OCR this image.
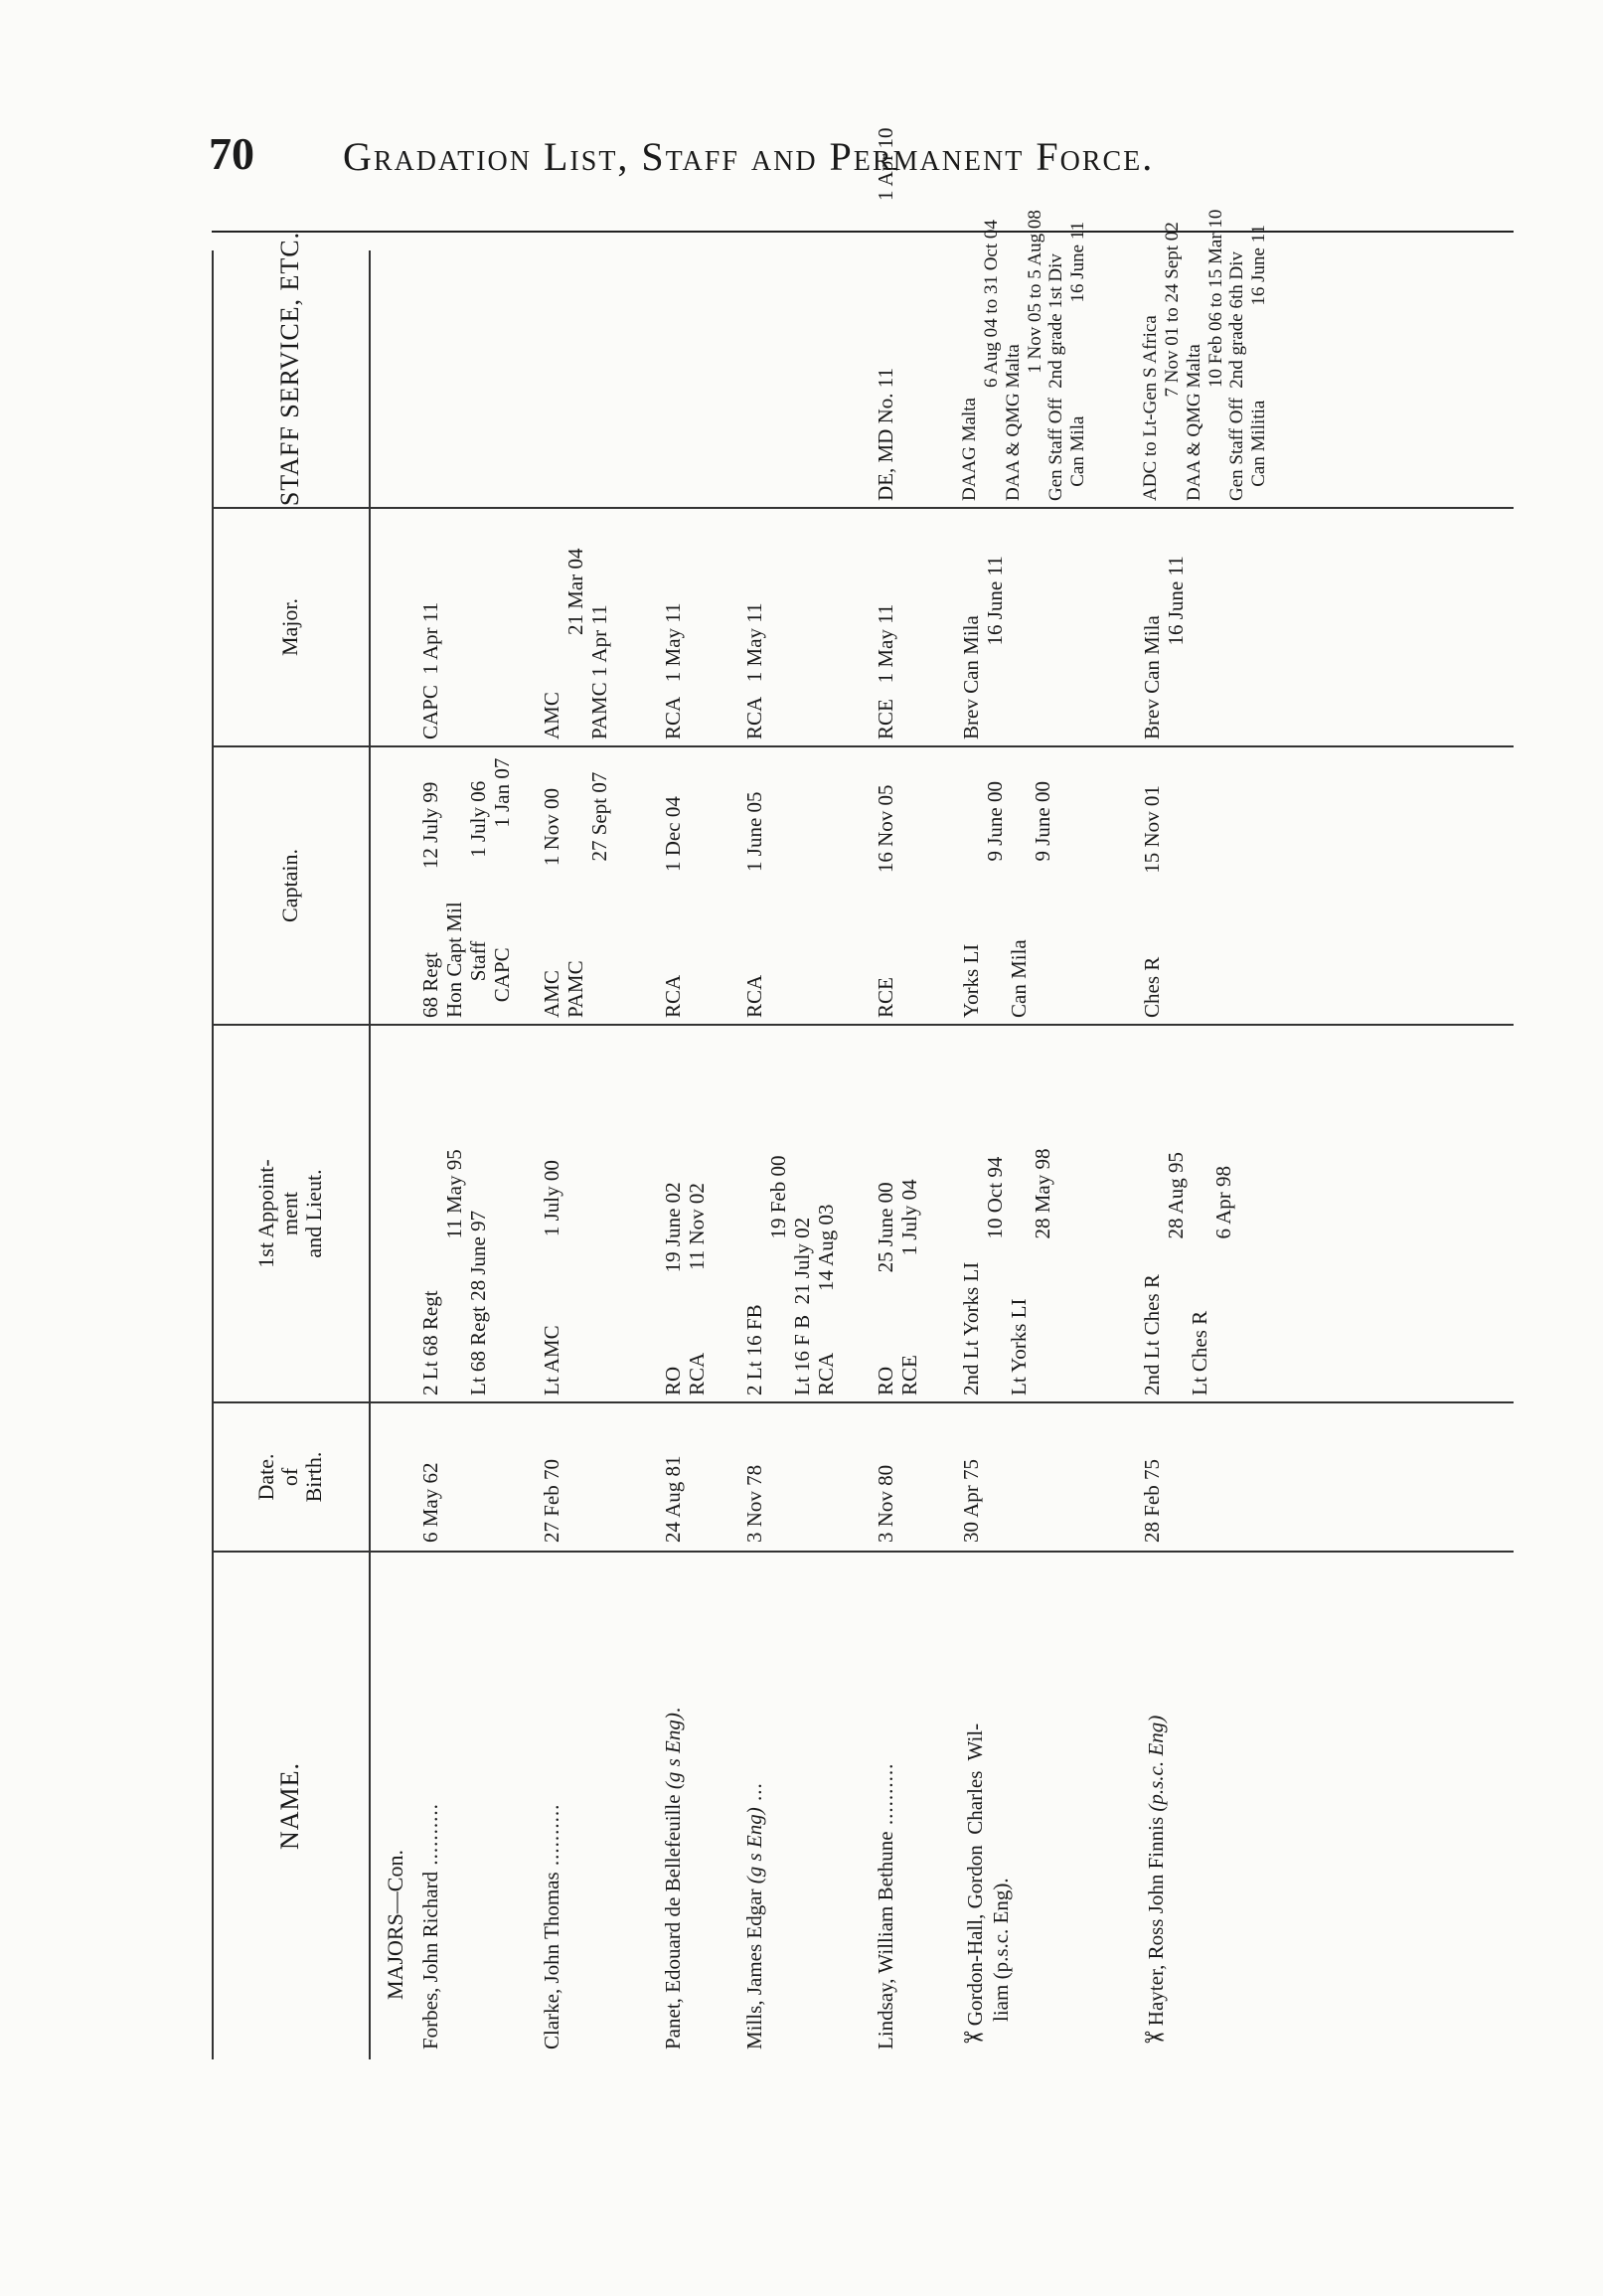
70 Gradation List, Staff and Permanent Force.
NAME.
Date.
of
Birth.
1st Appoint-
ment
and Lieut.
Captain.
Major.
STAFF SERVICE, ETC.
MAJORS—Con. Forbes, John Richard ..........
6 May 62
2 Lt 68 Regt
11 May 95
Lt 68 Regt 28 June 97
68 Regt                12 July 99
Hon Capt Mil
Staff                1 July 06
CAPC                       1 Jan 07
CAPC  1 Apr 11
Clarke, John Thomas ..........
27 Feb 70
Lt AMC                 1 July 00
AMC                    1 Nov 00
PAMC
27 Sept 07
AMC
21 Mar 04
PAMC 1 Apr 11
Panet, Edouard de Bellefeuille (g s Eng).
24 Aug 81
RO                  19 June 02
RCA                11 Nov 02
RCA                    1 Dec 04
RCA   1 May 11
Mills, James Edgar (g s Eng) ...
3 Nov 78
2 Lt 16 FB
19 Feb 00
Lt 16 F B  21 July 02
RCA            14 Aug 03
RCA                    1 June 05
RCA   1 May 11
Lindsay, William Bethune ..........
3 Nov 80
RO                  25 June 00
RCE                   1 July 04
RCE                    16 Nov 05
RCE   1 May 11
DE, MD No. 11                                1 Apr 10
✂Gordon-Hall, Gordon  Charles  Wil-
liam (p.s.c. Eng).
30 Apr 75
2nd Lt Yorks LI
10 Oct 94
Lt Yorks LI
28 May 98
Yorks LI
9 June 00
Can Mila
9 June 00
Brev Can Mila
16 June 11
DAAG Malta
6 Aug 04 to 31 Oct 04
DAA & QMG Malta
1 Nov 05 to 5 Aug 08
Gen Staff Off  2nd grade 1st Div
Can Mila                        16 June 11
✂Hayter, Ross John Finnis (p.s.c. Eng)
28 Feb 75
2nd Lt Ches R
28 Aug 95
Lt Ches R
6 Apr 98
Ches R                15 Nov 01
Brev Can Mila
16 June 11
ADC to Lt-Gen S Africa
7 Nov 01 to 24 Sept 02
DAA & QMG Malta
10 Feb 06 to 15 Mar 10
Gen Staff Off  2nd grade 6th Div
Can Militia                    16 June 11
